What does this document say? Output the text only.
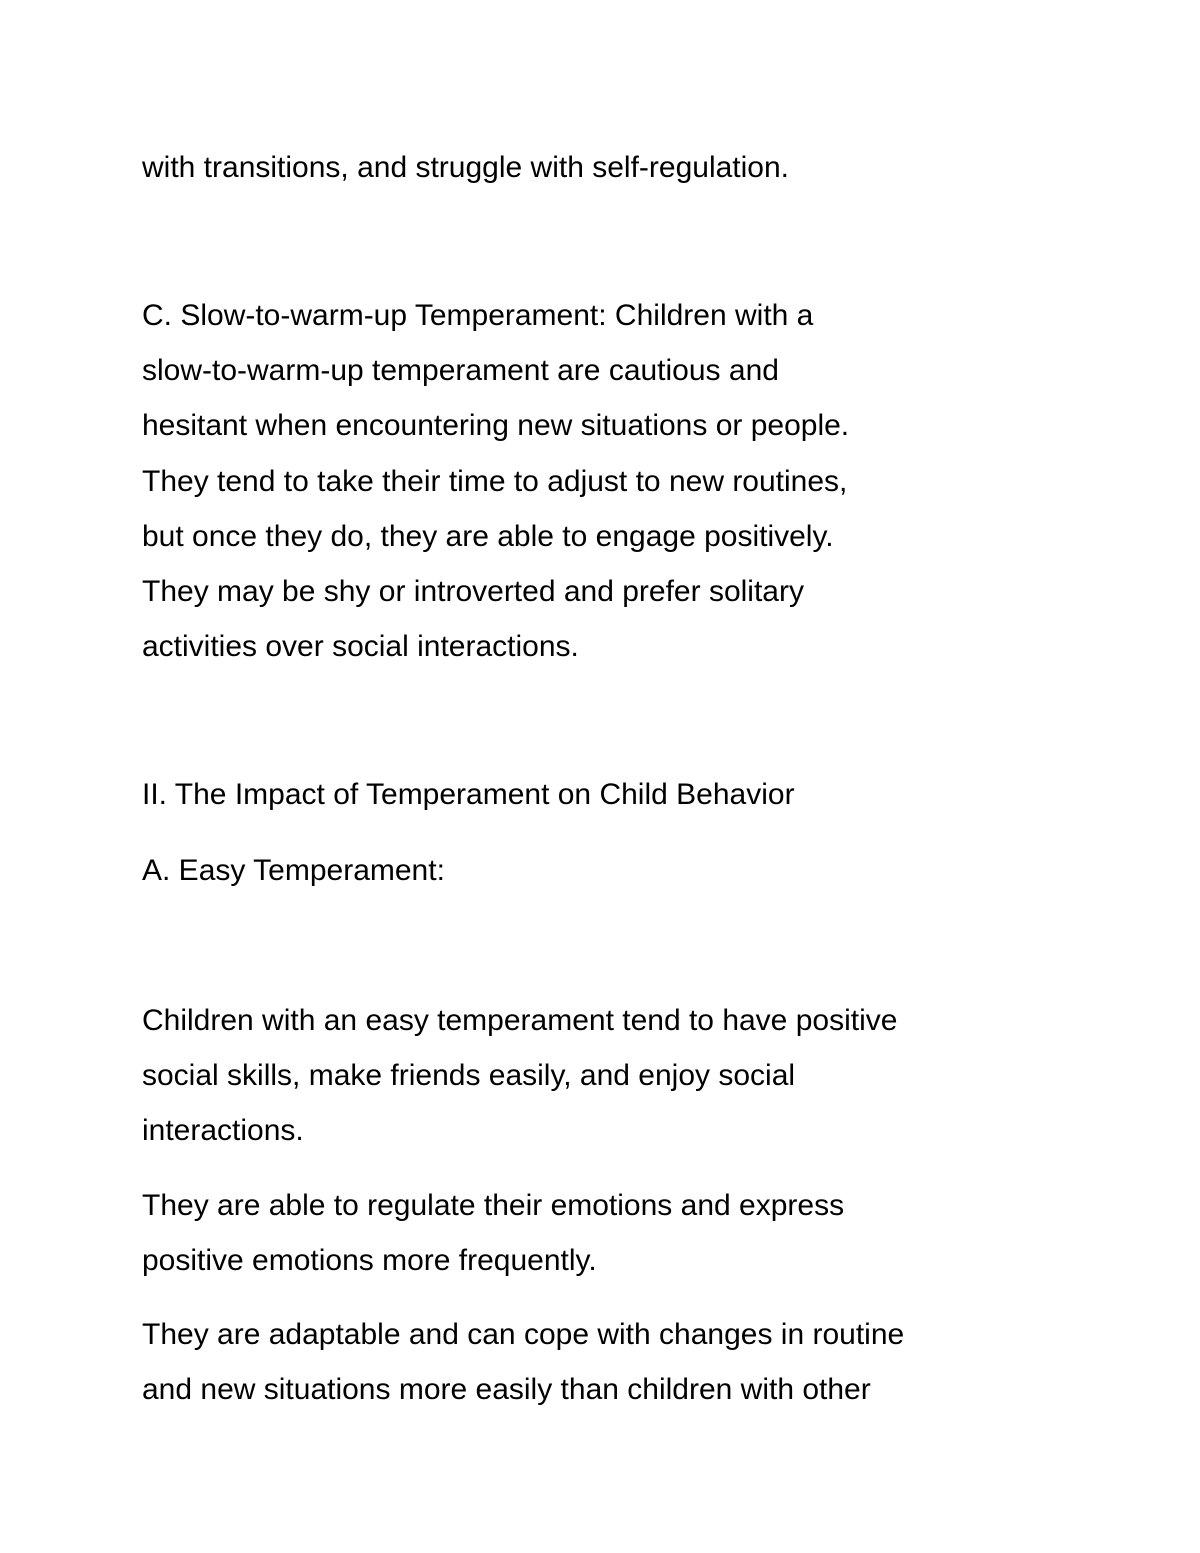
with transitions, and struggle with self-regulation.

C. Slow-to-warm-up Temperament: Children with a

slow-to-warm-up temperament are cautious and

hesitant when encountering new situations or people.

They tend to take their time to adjust to new routines,

but once they do, they are able to engage positively.

They may be shy or introverted and prefer solitary

activities over social interactions.

II. The Impact of Temperament on Child Behavior

A. Easy Temperament:

Children with an easy temperament tend to have positive

social skills, make friends easily, and enjoy social

interactions.

They are able to regulate their emotions and express

positive emotions more frequently.

They are adaptable and can cope with changes in routine

and new situations more easily than children with other
